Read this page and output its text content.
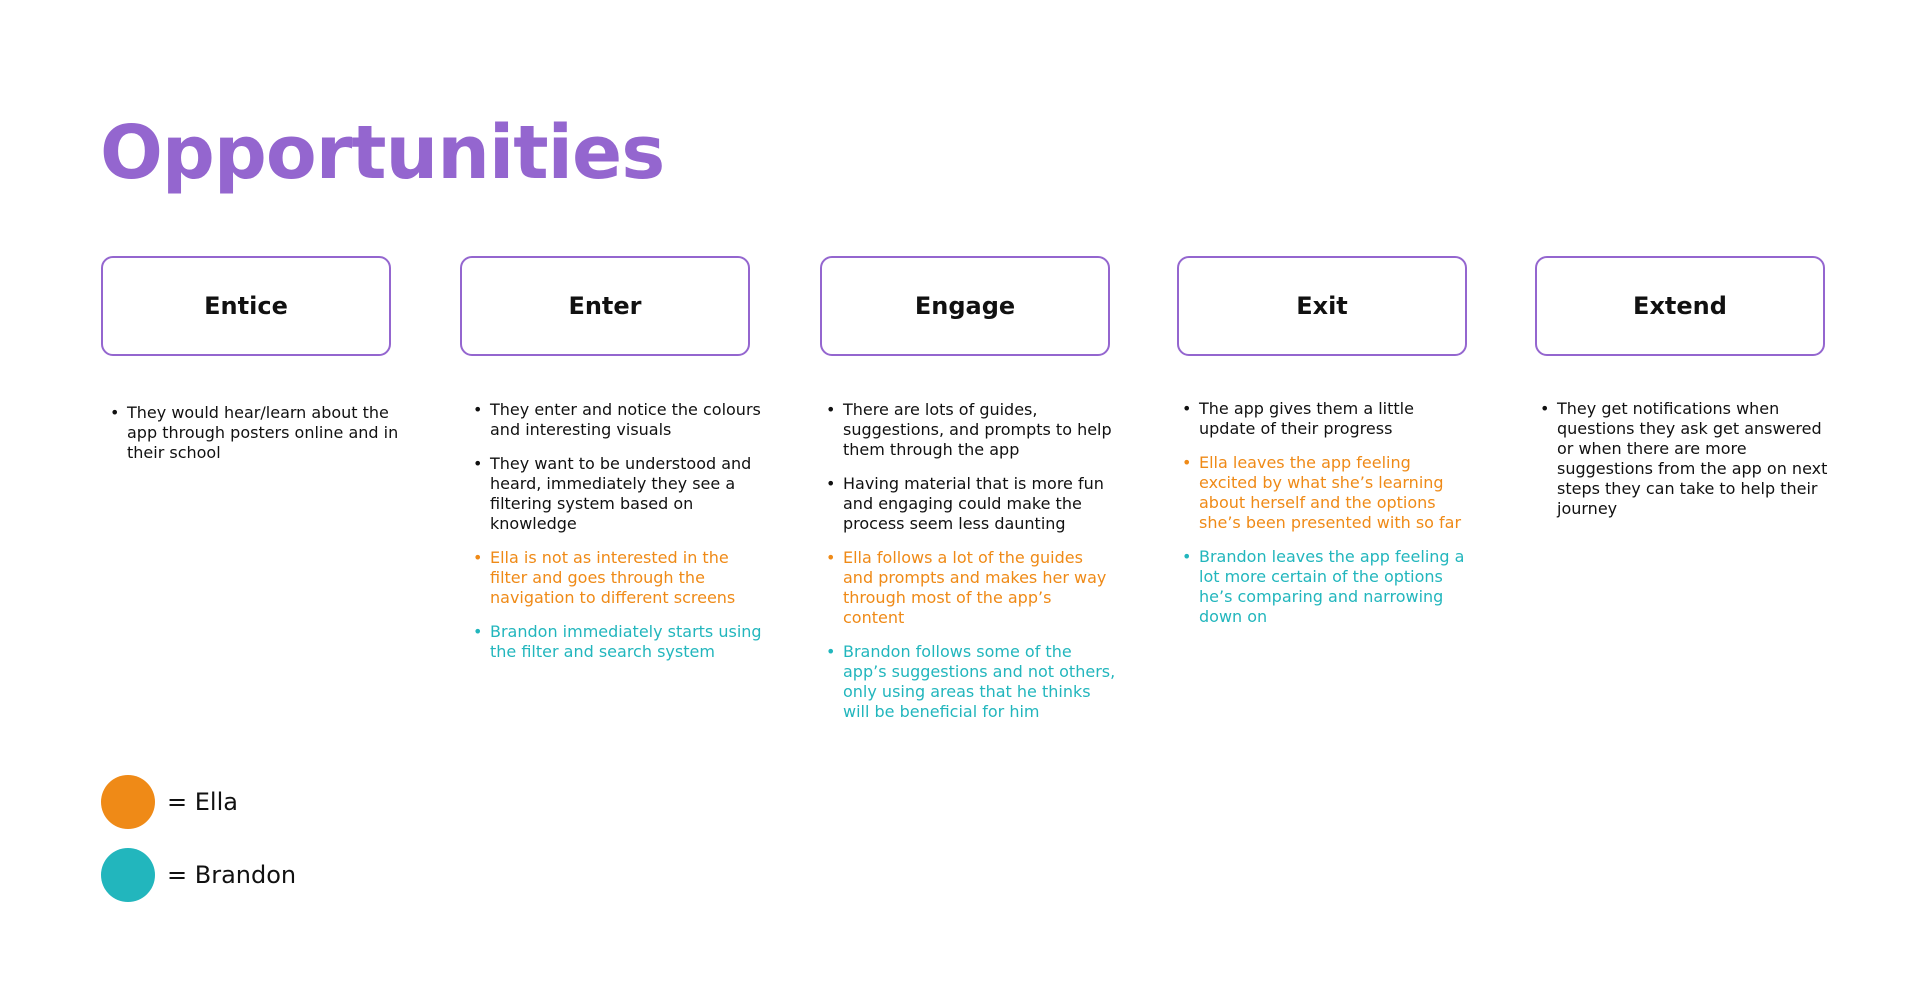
Opportunities
Entice	Enter	Engage	Exit	Extend
• They would hear/learn about the app through posters online and in their school
• They enter and notice the colours and interesting visuals
• They want to be understood and heard, immediately they see a filtering system based on knowledge
• Ella is not as interested in the filter and goes through the navigation to different screens
• Brandon immediately starts using the filter and search system
• There are lots of guides, suggestions, and prompts to help them through the app
• Having material that is more fun and engaging could make the process seem less daunting
• Ella follows a lot of the guides and prompts and makes her way through most of the app’s content
• Brandon follows some of the app’s suggestions and not others, only using areas that he thinks will be beneficial for him
• The app gives them a little update of their progress
• Ella leaves the app feeling excited by what she’s learning about herself and the options she’s been presented with so far
• Brandon leaves the app feeling a lot more certain of the options he’s comparing and narrowing down on
• They get notifications when questions they ask get answered or when there are more suggestions from the app on next steps they can take to help their journey
= Ella
= Brandon
